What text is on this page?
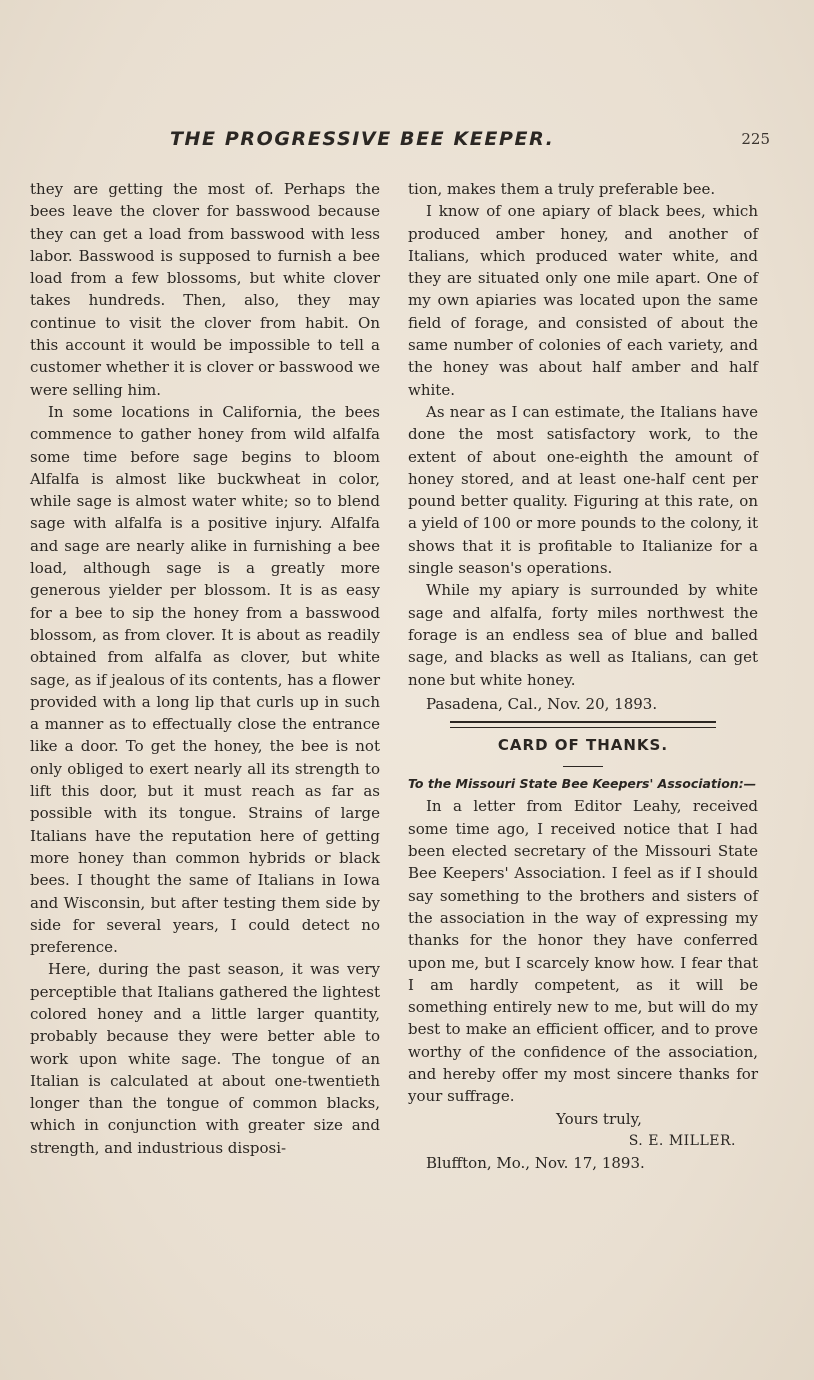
THE PROGRESSIVE BEE KEEPER.	225

they are getting the most of. Perhaps the bees leave the clover for basswood because they can get a load from basswood with less labor. Basswood is supposed to furnish a bee load from a few blossoms, but white clover takes hundreds. Then, also, they may continue to visit the clover from habit. On this account it would be impossible to tell a customer whether it is clover or basswood we were selling him.

In some locations in California, the bees commence to gather honey from wild alfalfa some time before sage begins to bloom Alfalfa is almost like buckwheat in color, while sage is almost water white; so to blend sage with alfalfa is a positive injury. Alfalfa and sage are nearly alike in furnishing a bee load, although sage is a greatly more generous yielder per blossom. It is as easy for a bee to sip the honey from a basswood blossom, as from clover. It is about as readily obtained from alfalfa as clover, but white sage, as if jealous of its contents, has a flower provided with a long lip that curls up in such a manner as to effectually close the entrance like a door. To get the honey, the bee is not only obliged to exert nearly all its strength to lift this door, but it must reach as far as possible with its tongue. Strains of large Italians have the reputation here of getting more honey than common hybrids or black bees. I thought the same of Italians in Iowa and Wisconsin, but after testing them side by side for several years, I could detect no preference.

Here, during the past season, it was very perceptible that Italians gathered the lightest colored honey and a little larger quantity, probably because they were better able to work upon white sage. The tongue of an Italian is calculated at about one-twentieth longer than the tongue of common blacks, which in conjunction with greater size and strength, and industrious disposi-

tion, makes them a truly preferable bee.

I know of one apiary of black bees, which produced amber honey, and another of Italians, which produced water white, and they are situated only one mile apart. One of my own apiaries was located upon the same field of forage, and consisted of about the same number of colonies of each variety, and the honey was about half amber and half white.

As near as I can estimate, the Italians have done the most satisfactory work, to the extent of about one-eighth the amount of honey stored, and at least one-half cent per pound better quality. Figuring at this rate, on a yield of 100 or more pounds to the colony, it shows that it is profitable to Italianize for a single season's operations.

While my apiary is surrounded by white sage and alfalfa, forty miles northwest the forage is an endless sea of blue and balled sage, and blacks as well as Italians, can get none but white honey.

Pasadena, Cal., Nov. 20, 1893.

CARD OF THANKS.

To the Missouri State Bee Keepers' Association:—

In a letter from Editor Leahy, received some time ago, I received notice that I had been elected secretary of the Missouri State Bee Keepers' Association. I feel as if I should say something to the brothers and sisters of the association in the way of expressing my thanks for the honor they have conferred upon me, but I scarcely know how. I fear that I am hardly competent, as it will be something entirely new to me, but will do my best to make an efficient officer, and to prove worthy of the confidence of the association, and hereby offer my most sincere thanks for your suffrage.

Yours truly,

S. E. MILLER.

Bluffton, Mo., Nov. 17, 1893.
